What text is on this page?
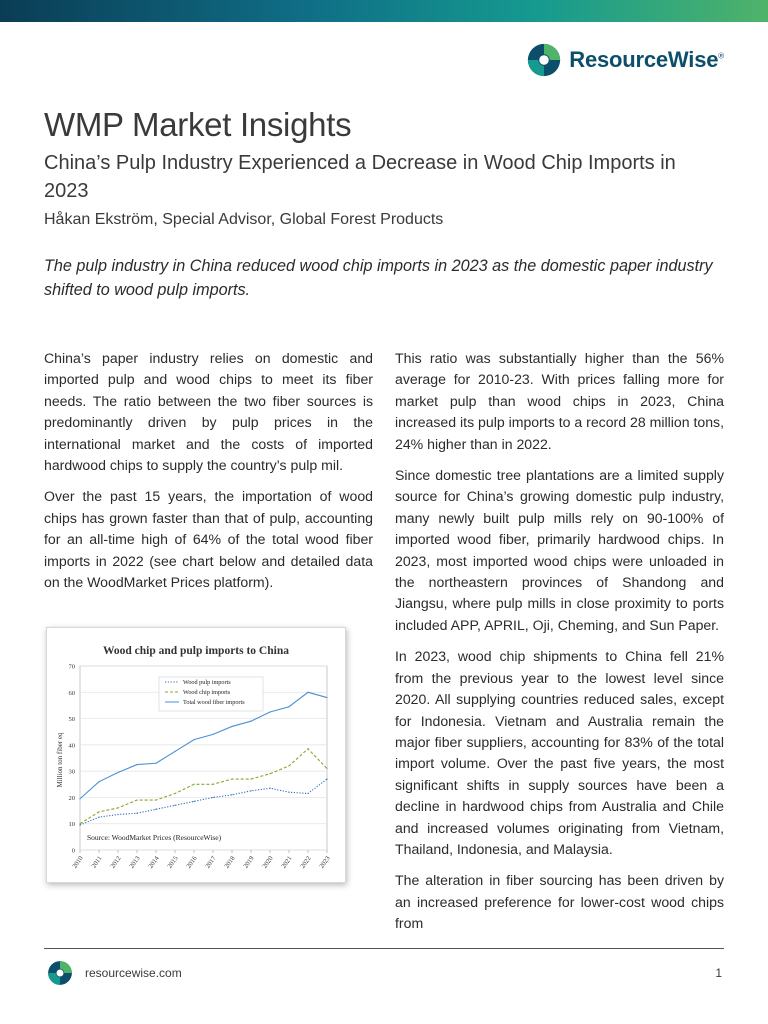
ResourceWise®
WMP Market Insights
China’s Pulp Industry Experienced a Decrease in Wood Chip Imports in 2023

Håkan Ekström, Special Advisor, Global Forest Products

The pulp industry in China reduced wood chip imports in 2023 as the domestic paper industry shifted to wood pulp imports.

China’s paper industry relies on domestic and imported pulp and wood chips to meet its fiber needs. The ratio between the two fiber sources is predominantly driven by pulp prices in the international market and the costs of imported hardwood chips to supply the country’s pulp mil.

Over the past 15 years, the importation of wood chips has grown faster than that of pulp, accounting for an all-time high of 64% of the total wood fiber imports in 2022 (see chart below and detailed data on the WoodMarket Prices platform).

Wood chip and pulp imports to China
0
10
20
30
40
50
60
70
2010 2011 2012 2013 2014 2015 2016 2017 2018 2019 2020 2021 2022 2023
Million ton fiber eq
Wood pulp imports
Wood chip imports
Total wood fiber imports
Source: WoodMarket Prices (ResourceWise)

This ratio was substantially higher than the 56% average for 2010-23. With prices falling more for market pulp than wood chips in 2023, China increased its pulp imports to a record 28 million tons, 24% higher than in 2022.

Since domestic tree plantations are a limited supply source for China’s growing domestic pulp industry, many newly built pulp mills rely on 90-100% of imported wood fiber, primarily hardwood chips. In 2023, most imported wood chips were unloaded in the northeastern provinces of Shandong and Jiangsu, where pulp mills in close proximity to ports included APP, APRIL, Oji, Cheming, and Sun Paper.

In 2023, wood chip shipments to China fell 21% from the previous year to the lowest level since 2020. All supplying countries reduced sales, except for Indonesia. Vietnam and Australia remain the major fiber suppliers, accounting for 83% of the total import volume. Over the past five years, the most significant shifts in supply sources have been a decline in hardwood chips from Australia and Chile and increased volumes originating from Vietnam, Thailand, Indonesia, and Malaysia.

The alteration in fiber sourcing has been driven by an increased preference for lower-cost wood chips from

resourcewise.com	1
